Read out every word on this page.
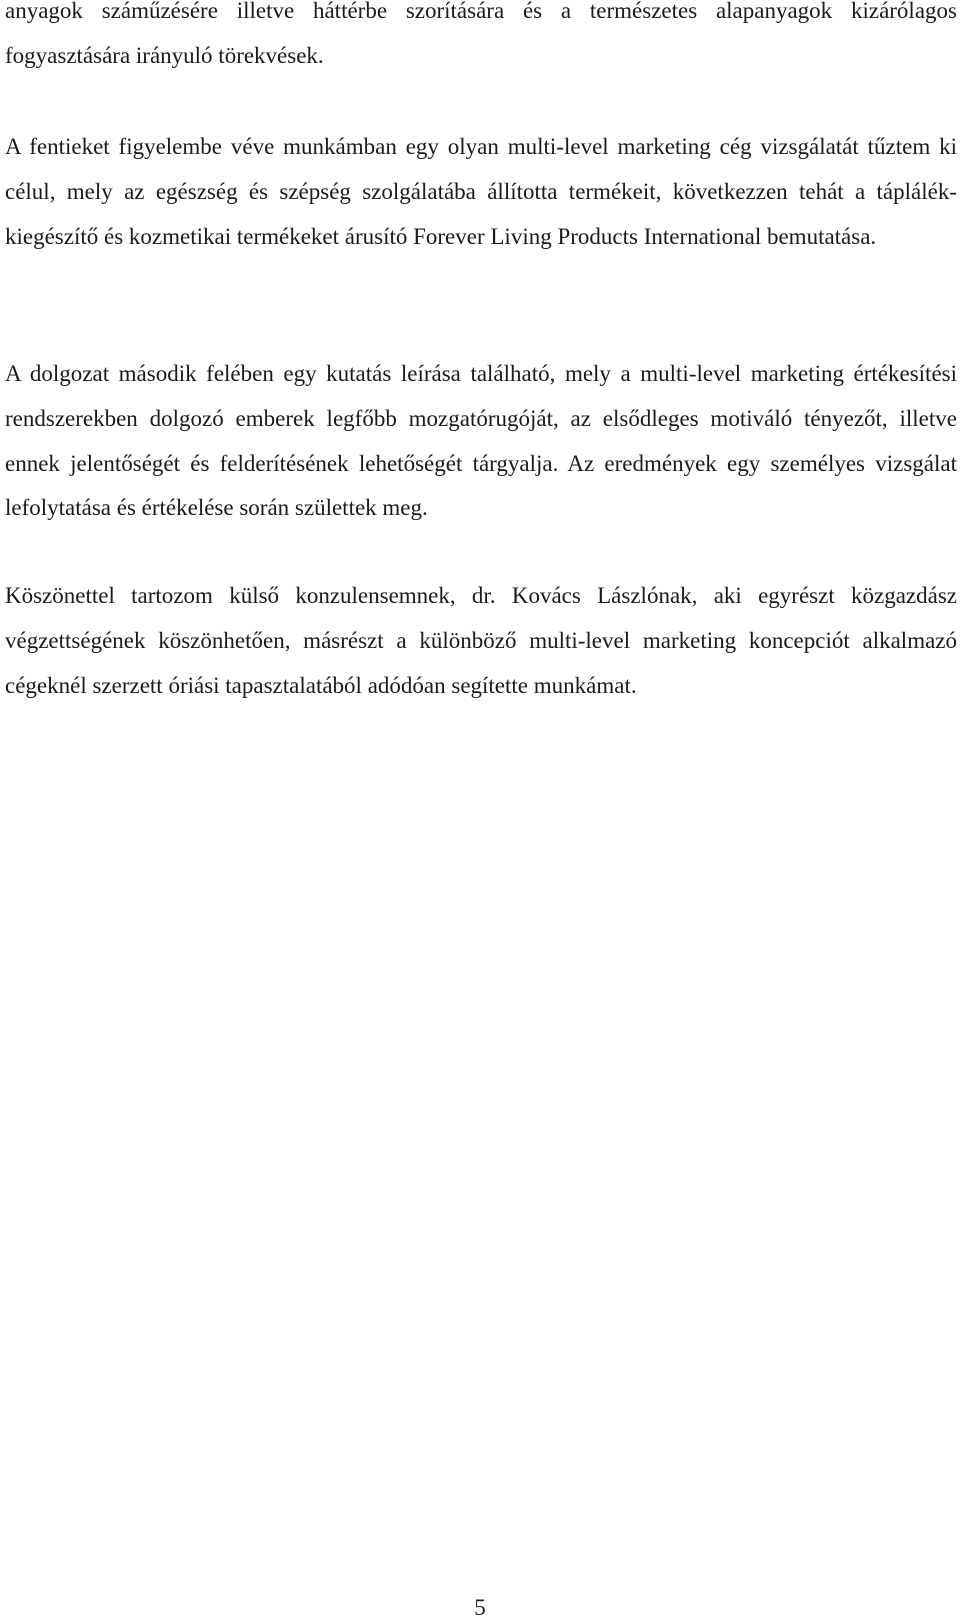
anyagok száműzésére illetve háttérbe szorítására és a természetes alapanyagok kizárólagos fogyasztására irányuló törekvések.

A fentieket figyelembe véve munkámban egy olyan multi-level marketing cég vizsgálatát tűztem ki célul, mely az egészség és szépség szolgálatába állította termékeit, következzen tehát a táplálék-kiegészítő és kozmetikai termékeket árusító Forever Living Products International bemutatása.

A dolgozat második felében egy kutatás leírása található, mely a multi-level marketing értékesítési rendszerekben dolgozó emberek legfőbb mozgatórugóját, az elsődleges motiváló tényezőt, illetve ennek jelentőségét és felderítésének lehetőségét tárgyalja. Az eredmények egy személyes vizsgálat lefolytatása és értékelése során születtek meg.

Köszönettel tartozom külső konzulensemnek, dr. Kovács Lászlónak, aki egyrészt közgazdász végzettségének köszönhetően, másrészt a különböző multi-level marketing koncepciót alkalmazó cégeknél szerzett óriási tapasztalatából adódóan segítette munkámat.

5
